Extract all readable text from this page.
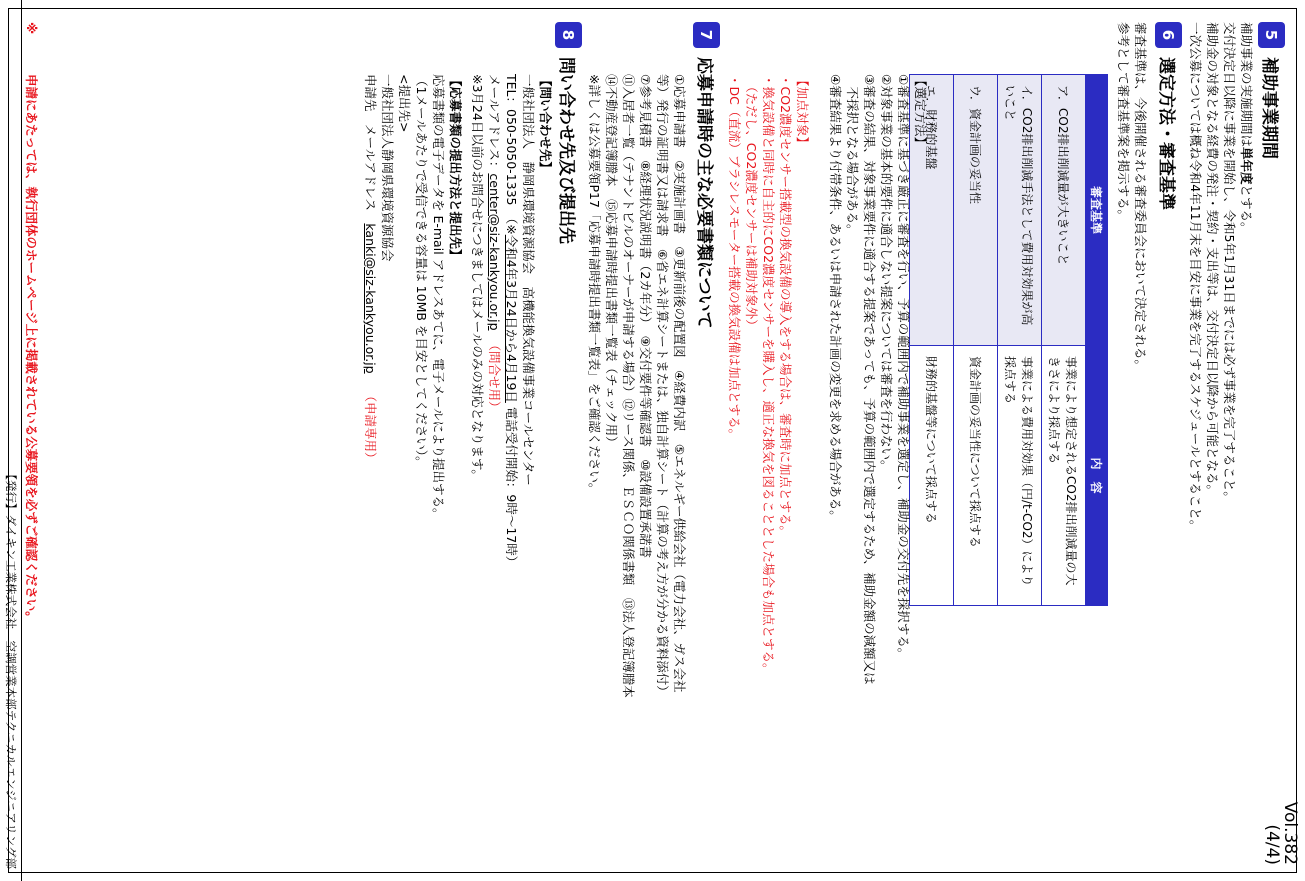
Vol.382
(4/4)
5
補助事業期間
補助事業の実施期間は単年度とする。
交付決定日以降に事業を開始し、令和5年1月31日までには必ず事業を完了すること。
補助金の対象となる経費の発注・契約・支出等は、交付決定日以降から可能となる。
一次公募については概ね令和4年11月末を目安に事業を完了するスケジュールとすること。
6
選定方法・審査基準
審査基準は、今後開催される審査委員会において決定される。
参考として審査基準案を掲示する。
審査基準	内　容
ア．CO2排出削減量が大きいこと	事業により想定されるCO2排出削減量の大きさにより採点する
イ．CO2排出削減手法として費用対効果が高いこと	事業による費用対効果（円/t-CO2）により採点する
ウ．資金計画の妥当性	資金計画の妥当性について採点する
エ．財務的基盤	財務的基盤等について採点する
【選定方法】
①審査基準に基づき厳正に審査を行い、予算の範囲内で補助事業を選定し、補助金の交付先を採択する。
②対象事業の基本的要件に適合しない提案については審査を行わない。
③審査の結果、対象事業要件に適合する提案であっても、予算の範囲内で選定するため、補助金額の減額又は
　不採択となる場合がある。
④審査結果より付帯条件、あるいは申請された計画の変更を求める場合がある。
【加点対象】
・CO2濃度センサー搭載型の換気設備の導入をする場合は、審査時に加点とする。
・換気設備と同時に自主的にCO2濃度センサーを購入し、適正な換気を図ることとした場合も加点とする。
　（ただし、CO2濃度センサーは補助対象外）
・DC（直流）ブラシレスモーター搭載の換気設備は加点とする。
7
応募申請時の主な必要書類について
①応募申請書　②実施計画書　③更新前後の配置図　④経費内訳　⑤エネルギー供給会社（電力会社、ガス会社
等）発行の証明書又は請求書　⑥省エネ計算シートまたは、独自計算シート（計算の考え方が分かる資料添付）
⑦参考見積書　⑧経理状況説明書（2カ年分）　⑨交付要件等確認書　⑩設備設置承諾書
⑪入居者一覧（テナントビルのオーナーが申請する場合）⑫リース関係、ＥＳＣＯ関係書類　⑬法人登記簿謄本
⑭不動産登記簿謄本　⑮応募申請時提出書類一覧表（チェック用）
※詳しくは公募要領P17「応募申請時提出書類一覧表」をご確認ください。
8
問い合わせ先及び提出先
【問い合わせ先】
一般社団法人　静岡県環境資源協会　高機能換気設備事業コールセンター
TEL：050-5050-1335　（※令和4年3月24日から4月19日 電話受付開始：9時～17時）
メールアドレス：center@siz-kankyou.or.jp  （問合せ用）
※3月24日以前のお問合せにつきましてはメールのみの対応となります。
【応募書類の提出方法と提出先】
応募書類の電子データを E-mail アドレスあてに、電子メールにより提出する。
（1メールあたりで受信できる容量は 10MB を目安としてください）。
<提出先>
一般社団法人静岡県環境資源協会
申請先　メールアドレス　kanki@siz-kankyou.or.jp    （申請専用）
※
申請にあたっては、執行団体のホームページ上に掲載されている公募要領を必ずご確認ください。
【発行】ダイキン工業株式会社　空調営業本部テクニカルエンジニアリング部
